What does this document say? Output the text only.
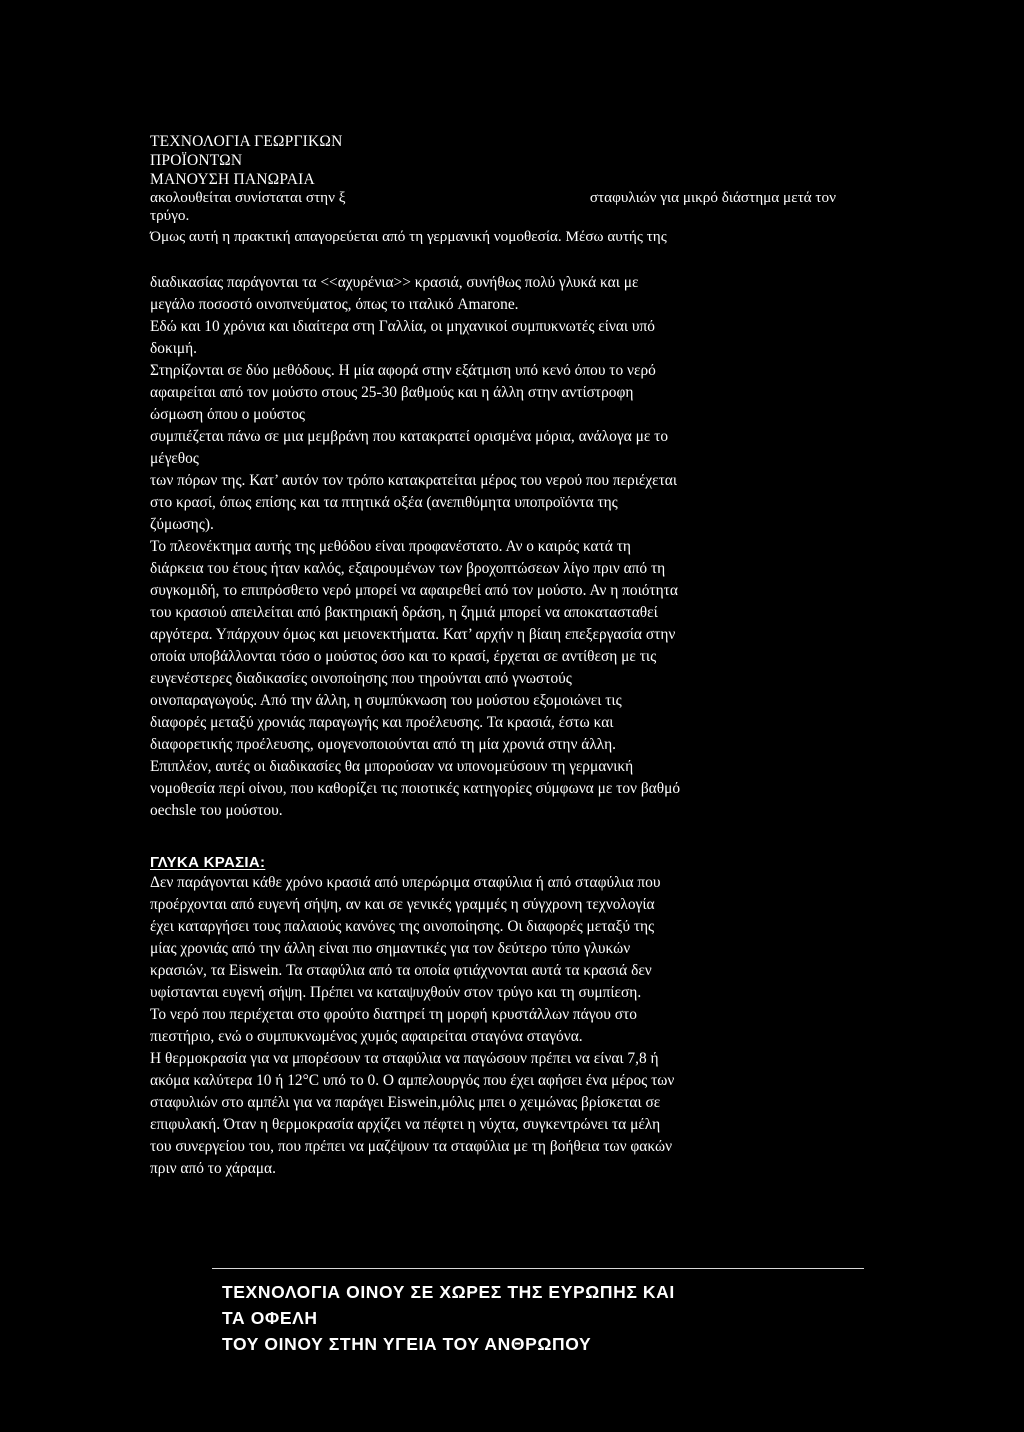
ΤΕΧΝΟΛΟΓΙΑ ΓΕΩΡΓΙΚΩΝ

ΠΡΟΪΟΝΤΩΝ

ΜΑΝΟΥΣΗ ΠΑΝΩΡΑΙΑ

ακολουθείται συνίσταται στην ξ	σταφυλιών για μικρό διάστημα μετά τον

τρύγο.

Όμως αυτή η πρακτική απαγορεύεται από τη γερμανική νομοθεσία. Μέσω αυτής της

διαδικασίας παράγονται τα <<αχυρένια>> κρασιά, συνήθως πολύ γλυκά και με

μεγάλο ποσοστό οινοπνεύματος, όπως το ιταλικό Amarone.

Εδώ και 10 χρόνια και ιδιαίτερα στη Γαλλία, οι μηχανικοί συμπυκνωτές είναι υπό

δοκιμή.

Στηρίζονται σε δύο μεθόδους. Η μία αφορά στην εξάτμιση υπό κενό όπου το νερό

αφαιρείται από τον μούστο στους 25-30 βαθμούς και η άλλη στην αντίστροφη

ώσμωση όπου ο μούστος

συμπιέζεται πάνω σε μια μεμβράνη που κατακρατεί ορισμένα μόρια, ανάλογα με το

μέγεθος

των πόρων της. Κατ’ αυτόν τον τρόπο κατακρατείται μέρος του νερού που περιέχεται

στο κρασί, όπως επίσης και τα πτητικά οξέα (ανεπιθύμητα υποπροϊόντα της

ζύμωσης).

Το πλεονέκτημα αυτής της μεθόδου είναι προφανέστατο. Αν ο καιρός κατά τη

διάρκεια του έτους ήταν καλός, εξαιρουμένων των βροχοπτώσεων λίγο πριν από τη

συγκομιδή, το επιπρόσθετο νερό μπορεί να αφαιρεθεί από τον μούστο. Αν η ποιότητα

του κρασιού απειλείται από βακτηριακή δράση, η ζημιά μπορεί να αποκατασταθεί

αργότερα. Υπάρχουν όμως και μειονεκτήματα. Κατ’ αρχήν η βίαιη επεξεργασία στην

οποία υποβάλλονται τόσο ο μούστος όσο και το κρασί, έρχεται σε αντίθεση με τις

ευγενέστερες διαδικασίες οινοποίησης που τηρούνται από γνωστούς

οινοπαραγωγούς. Από την άλλη, η συμπύκνωση του μούστου εξομοιώνει τις

διαφορές μεταξύ χρονιάς παραγωγής και προέλευσης. Τα κρασιά, έστω και

διαφορετικής προέλευσης, ομογενοποιούνται από τη μία χρονιά στην άλλη.

Επιπλέον, αυτές οι διαδικασίες θα μπορούσαν να υπονομεύσουν τη γερμανική

νομοθεσία περί οίνου, που καθορίζει τις ποιοτικές κατηγορίες σύμφωνα με τον βαθμό

oechsle του μούστου.

ΓΛΥΚΑ ΚΡΑΣΙΑ:

Δεν παράγονται κάθε χρόνο κρασιά από υπερώριμα σταφύλια ή από σταφύλια που

προέρχονται από ευγενή σήψη, αν και σε γενικές γραμμές η σύγχρονη τεχνολογία

έχει καταργήσει τους παλαιούς κανόνες της οινοποίησης. Οι διαφορές μεταξύ της

μίας χρονιάς από την άλλη είναι πιο σημαντικές για τον δεύτερο τύπο γλυκών

κρασιών, τα Eiswein. Τα σταφύλια από τα οποία φτιάχνονται αυτά τα κρασιά δεν

υφίστανται ευγενή σήψη. Πρέπει να καταψυχθούν στον τρύγο και τη συμπίεση.

Το νερό που περιέχεται στο φρούτο διατηρεί τη μορφή κρυστάλλων πάγου στο

πιεστήριο, ενώ ο συμπυκνωμένος χυμός αφαιρείται σταγόνα σταγόνα.

Η θερμοκρασία για να μπορέσουν τα σταφύλια να παγώσουν πρέπει να είναι 7,8 ή

ακόμα καλύτερα 10 ή 12°C υπό το 0. Ο αμπελουργός που έχει αφήσει ένα μέρος των

σταφυλιών στο αμπέλι για να παράγει Eiswein,μόλις μπει ο χειμώνας βρίσκεται σε

επιφυλακή. Όταν η θερμοκρασία αρχίζει να πέφτει η νύχτα, συγκεντρώνει τα μέλη

του συνεργείου του, που πρέπει να μαζέψουν τα σταφύλια με τη βοήθεια των φακών

πριν από το χάραμα.

ΤΕΧΝΟΛΟΓΙΑ ΟΙΝΟΥ ΣΕ ΧΩΡΕΣ ΤΗΣ ΕΥΡΩΠΗΣ ΚΑΙ
ΤΑ ΟΦΕΛΗ
ΤΟΥ ΟΙΝΟΥ ΣΤΗΝ ΥΓΕΙΑ ΤΟΥ ΑΝΘΡΩΠΟΥ
